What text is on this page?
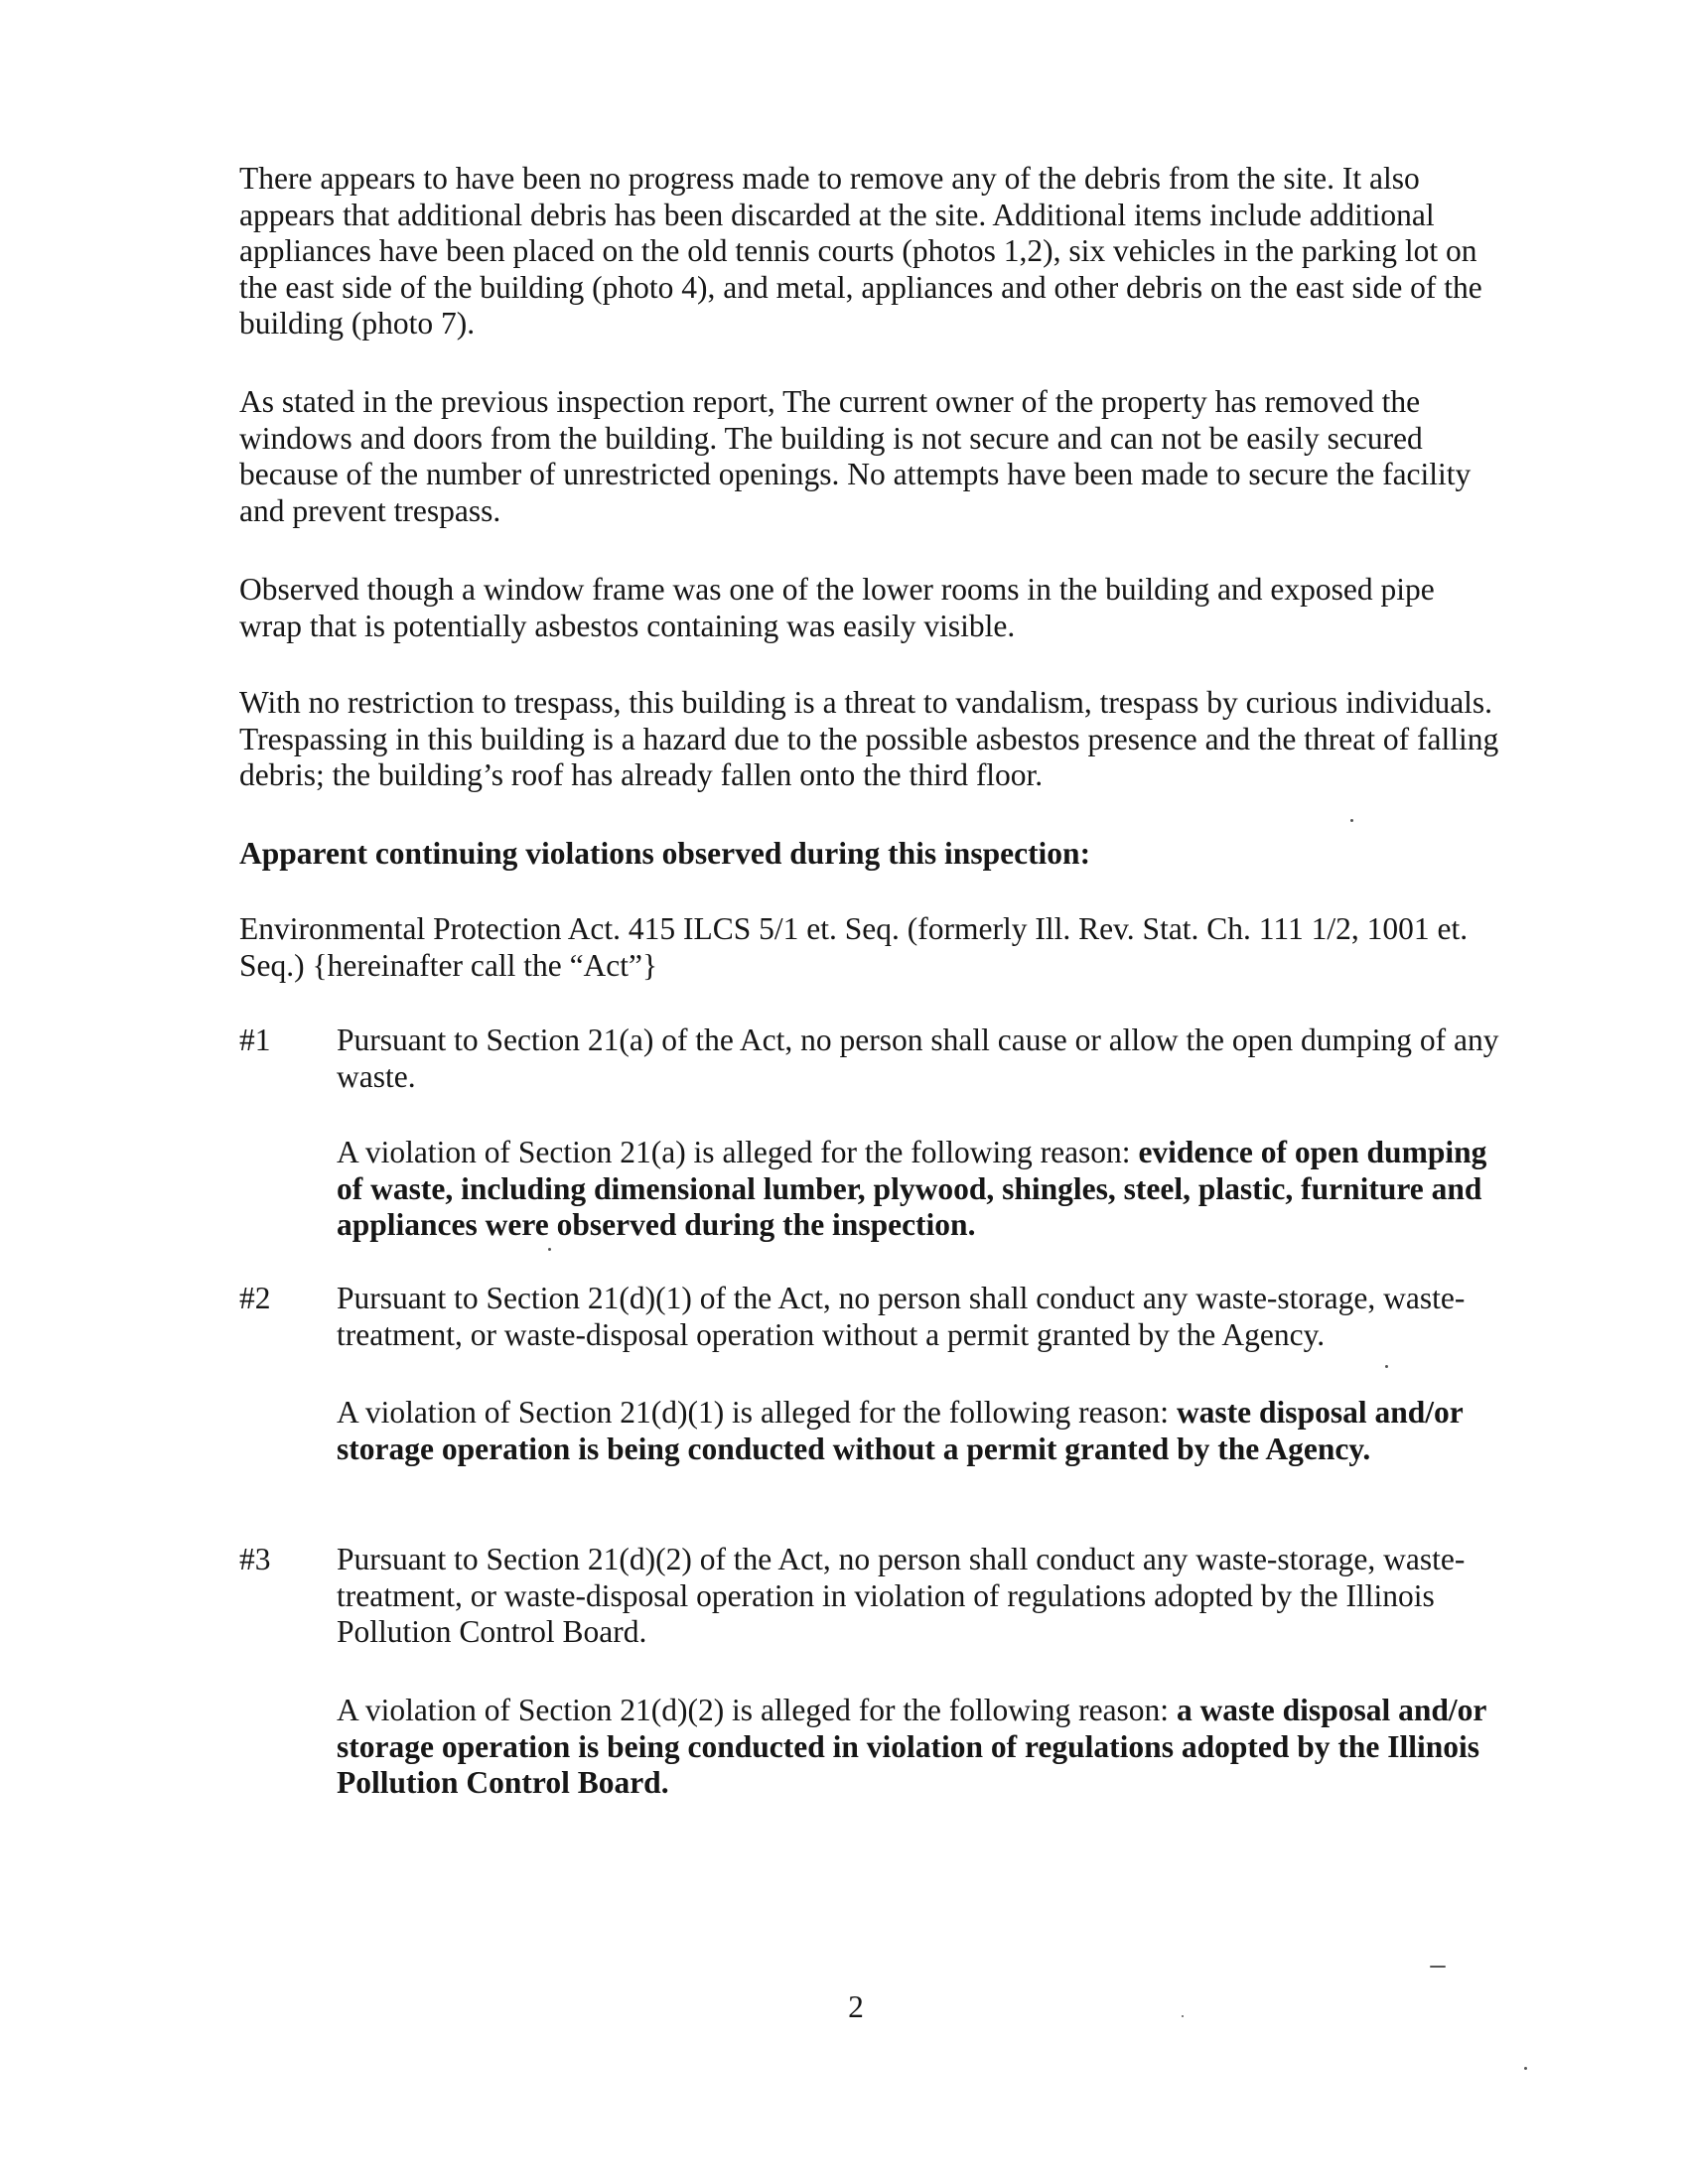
There appears to have been no progress made to remove any of the debris from the site. It also appears that additional debris has been discarded at the site. Additional items include additional appliances have been placed on the old tennis courts (photos 1,2), six vehicles in the parking lot on the east side of the building (photo 4), and metal, appliances and other debris on the east side of the building (photo 7).

As stated in the previous inspection report, The current owner of the property has removed the windows and doors from the building. The building is not secure and can not be easily secured because of the number of unrestricted openings. No attempts have been made to secure the facility and prevent trespass.

Observed though a window frame was one of the lower rooms in the building and exposed pipe wrap that is potentially asbestos containing was easily visible.

With no restriction to trespass, this building is a threat to vandalism, trespass by curious individuals. Trespassing in this building is a hazard due to the possible asbestos presence and the threat of falling debris; the building’s roof has already fallen onto the third floor.

Apparent continuing violations observed during this inspection:

Environmental Protection Act. 415 ILCS 5/1 et. Seq. (formerly Ill. Rev. Stat. Ch. 111 1/2, 1001 et. Seq.) {hereinafter call the “Act”}

#1 Pursuant to Section 21(a) of the Act, no person shall cause or allow the open dumping of any waste.

A violation of Section 21(a) is alleged for the following reason: evidence of open dumping of waste, including dimensional lumber, plywood, shingles, steel, plastic, furniture and appliances were observed during the inspection.

#2 Pursuant to Section 21(d)(1) of the Act, no person shall conduct any waste-storage, waste-treatment, or waste-disposal operation without a permit granted by the Agency.

A violation of Section 21(d)(1) is alleged for the following reason: waste disposal and/or storage operation is being conducted without a permit granted by the Agency.

#3 Pursuant to Section 21(d)(2) of the Act, no person shall conduct any waste-storage, waste-treatment, or waste-disposal operation in violation of regulations adopted by the Illinois Pollution Control Board.

A violation of Section 21(d)(2) is alleged for the following reason: a waste disposal and/or storage operation is being conducted in violation of regulations adopted by the Illinois Pollution Control Board.

2
